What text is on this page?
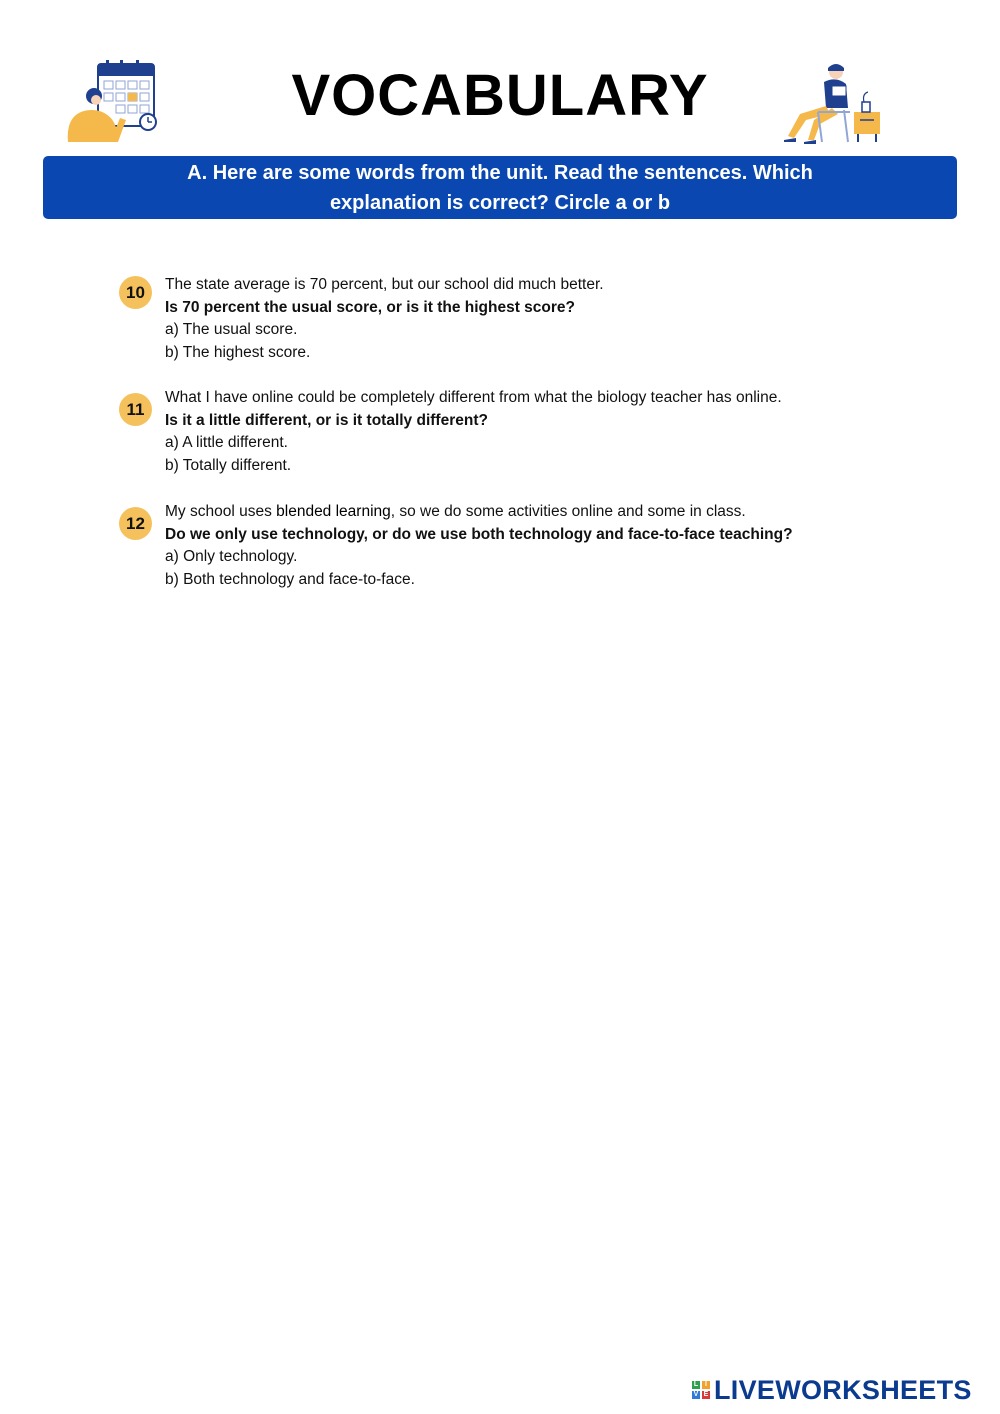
VOCABULARY
A. Here are some words from the unit. Read the sentences. Which
explanation is correct? Circle a or b
10	The state average is 70 percent, but our school did much better.
Is 70 percent the usual score, or is it the highest score?
a) The usual score.
b) The highest score.
11
What I have online could be completely different from what the biology teacher has online.
Is it a little different, or is it totally different?
a) A little different.
b) Totally different.
12
My school uses blended learning, so we do some activities online and some in class.
Do we only use technology, or do we use both technology and face-to-face teaching?
a) Only technology.
b) Both technology and face-to-face.
L I
V E LIVEWORKSHEETS
